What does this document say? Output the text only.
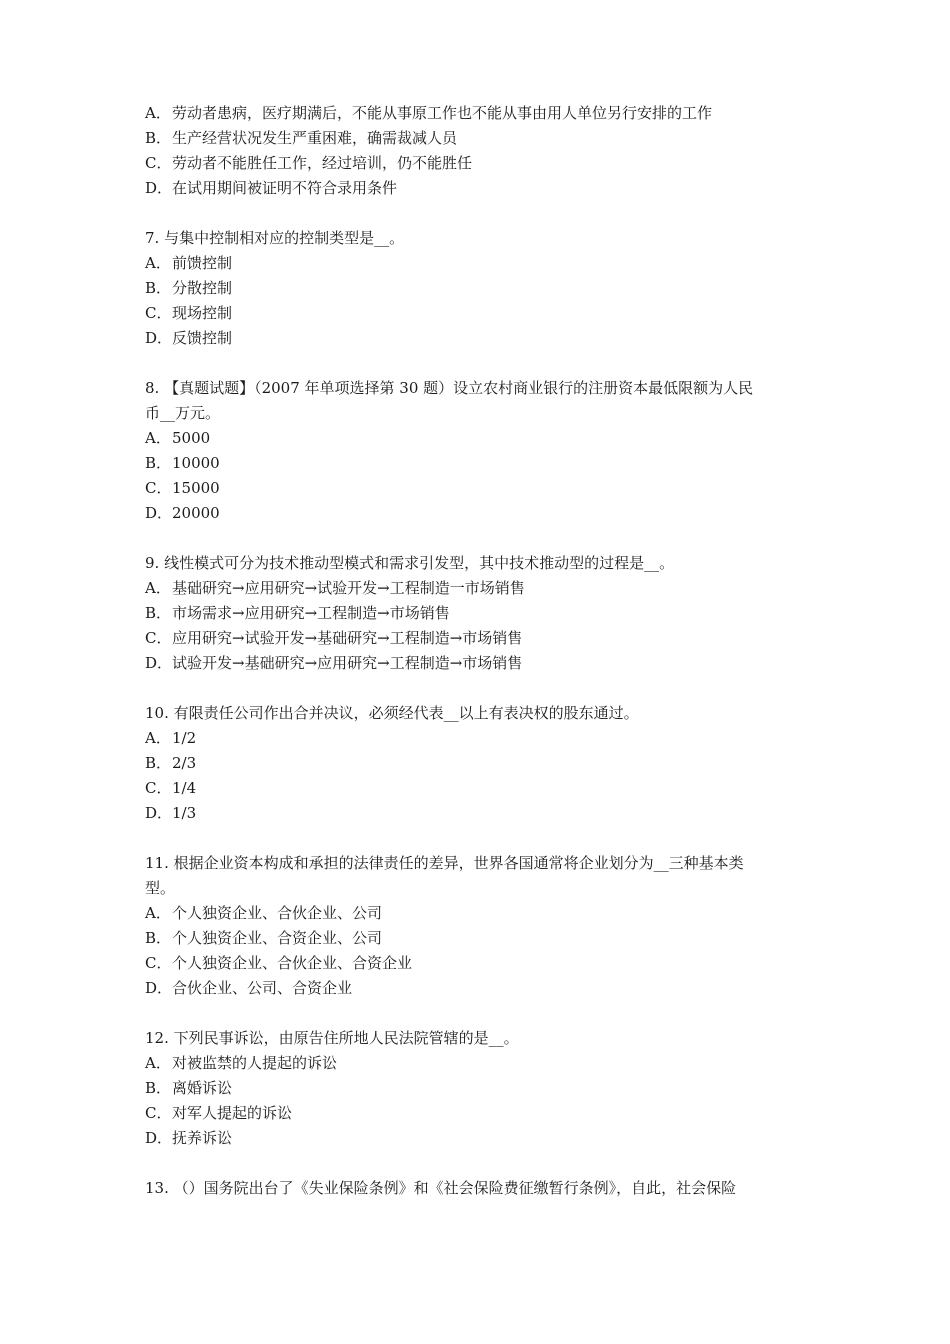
A．劳动者患病，医疗期满后，不能从事原工作也不能从事由用人单位另行安排的工作
B．生产经营状况发生严重困难，确需裁减人员
C．劳动者不能胜任工作，经过培训，仍不能胜任
D．在试用期间被证明不符合录用条件
7. 与集中控制相对应的控制类型是__。
A．前馈控制
B．分散控制
C．现场控制
D．反馈控制
8. 【真题试题】（2007 年单项选择第 30 题）设立农村商业银行的注册资本最低限额为人民
币__万元。
A．5000
B．10000
C．15000
D．20000
9. 线性模式可分为技术推动型模式和需求引发型，其中技术推动型的过程是__。
A．基础研究→应用研究→试验开发→工程制造一市场销售
B．市场需求→应用研究→工程制造→市场销售
C．应用研究→试验开发→基础研究→工程制造→市场销售
D．试验开发→基础研究→应用研究→工程制造→市场销售
10. 有限责任公司作出合并决议，必须经代表__以上有表决权的股东通过。
A．1/2
B．2/3
C．1/4
D．1/3
11. 根据企业资本构成和承担的法律责任的差异，世界各国通常将企业划分为__三种基本类
型。
A．个人独资企业、合伙企业、公司
B．个人独资企业、合资企业、公司
C．个人独资企业、合伙企业、合资企业
D．合伙企业、公司、合资企业
12. 下列民事诉讼，由原告住所地人民法院管辖的是__。
A．对被监禁的人提起的诉讼
B．离婚诉讼
C．对军人提起的诉讼
D．抚养诉讼
13. （）国务院出台了《失业保险条例》和《社会保险费征缴暂行条例》，自此，社会保险
